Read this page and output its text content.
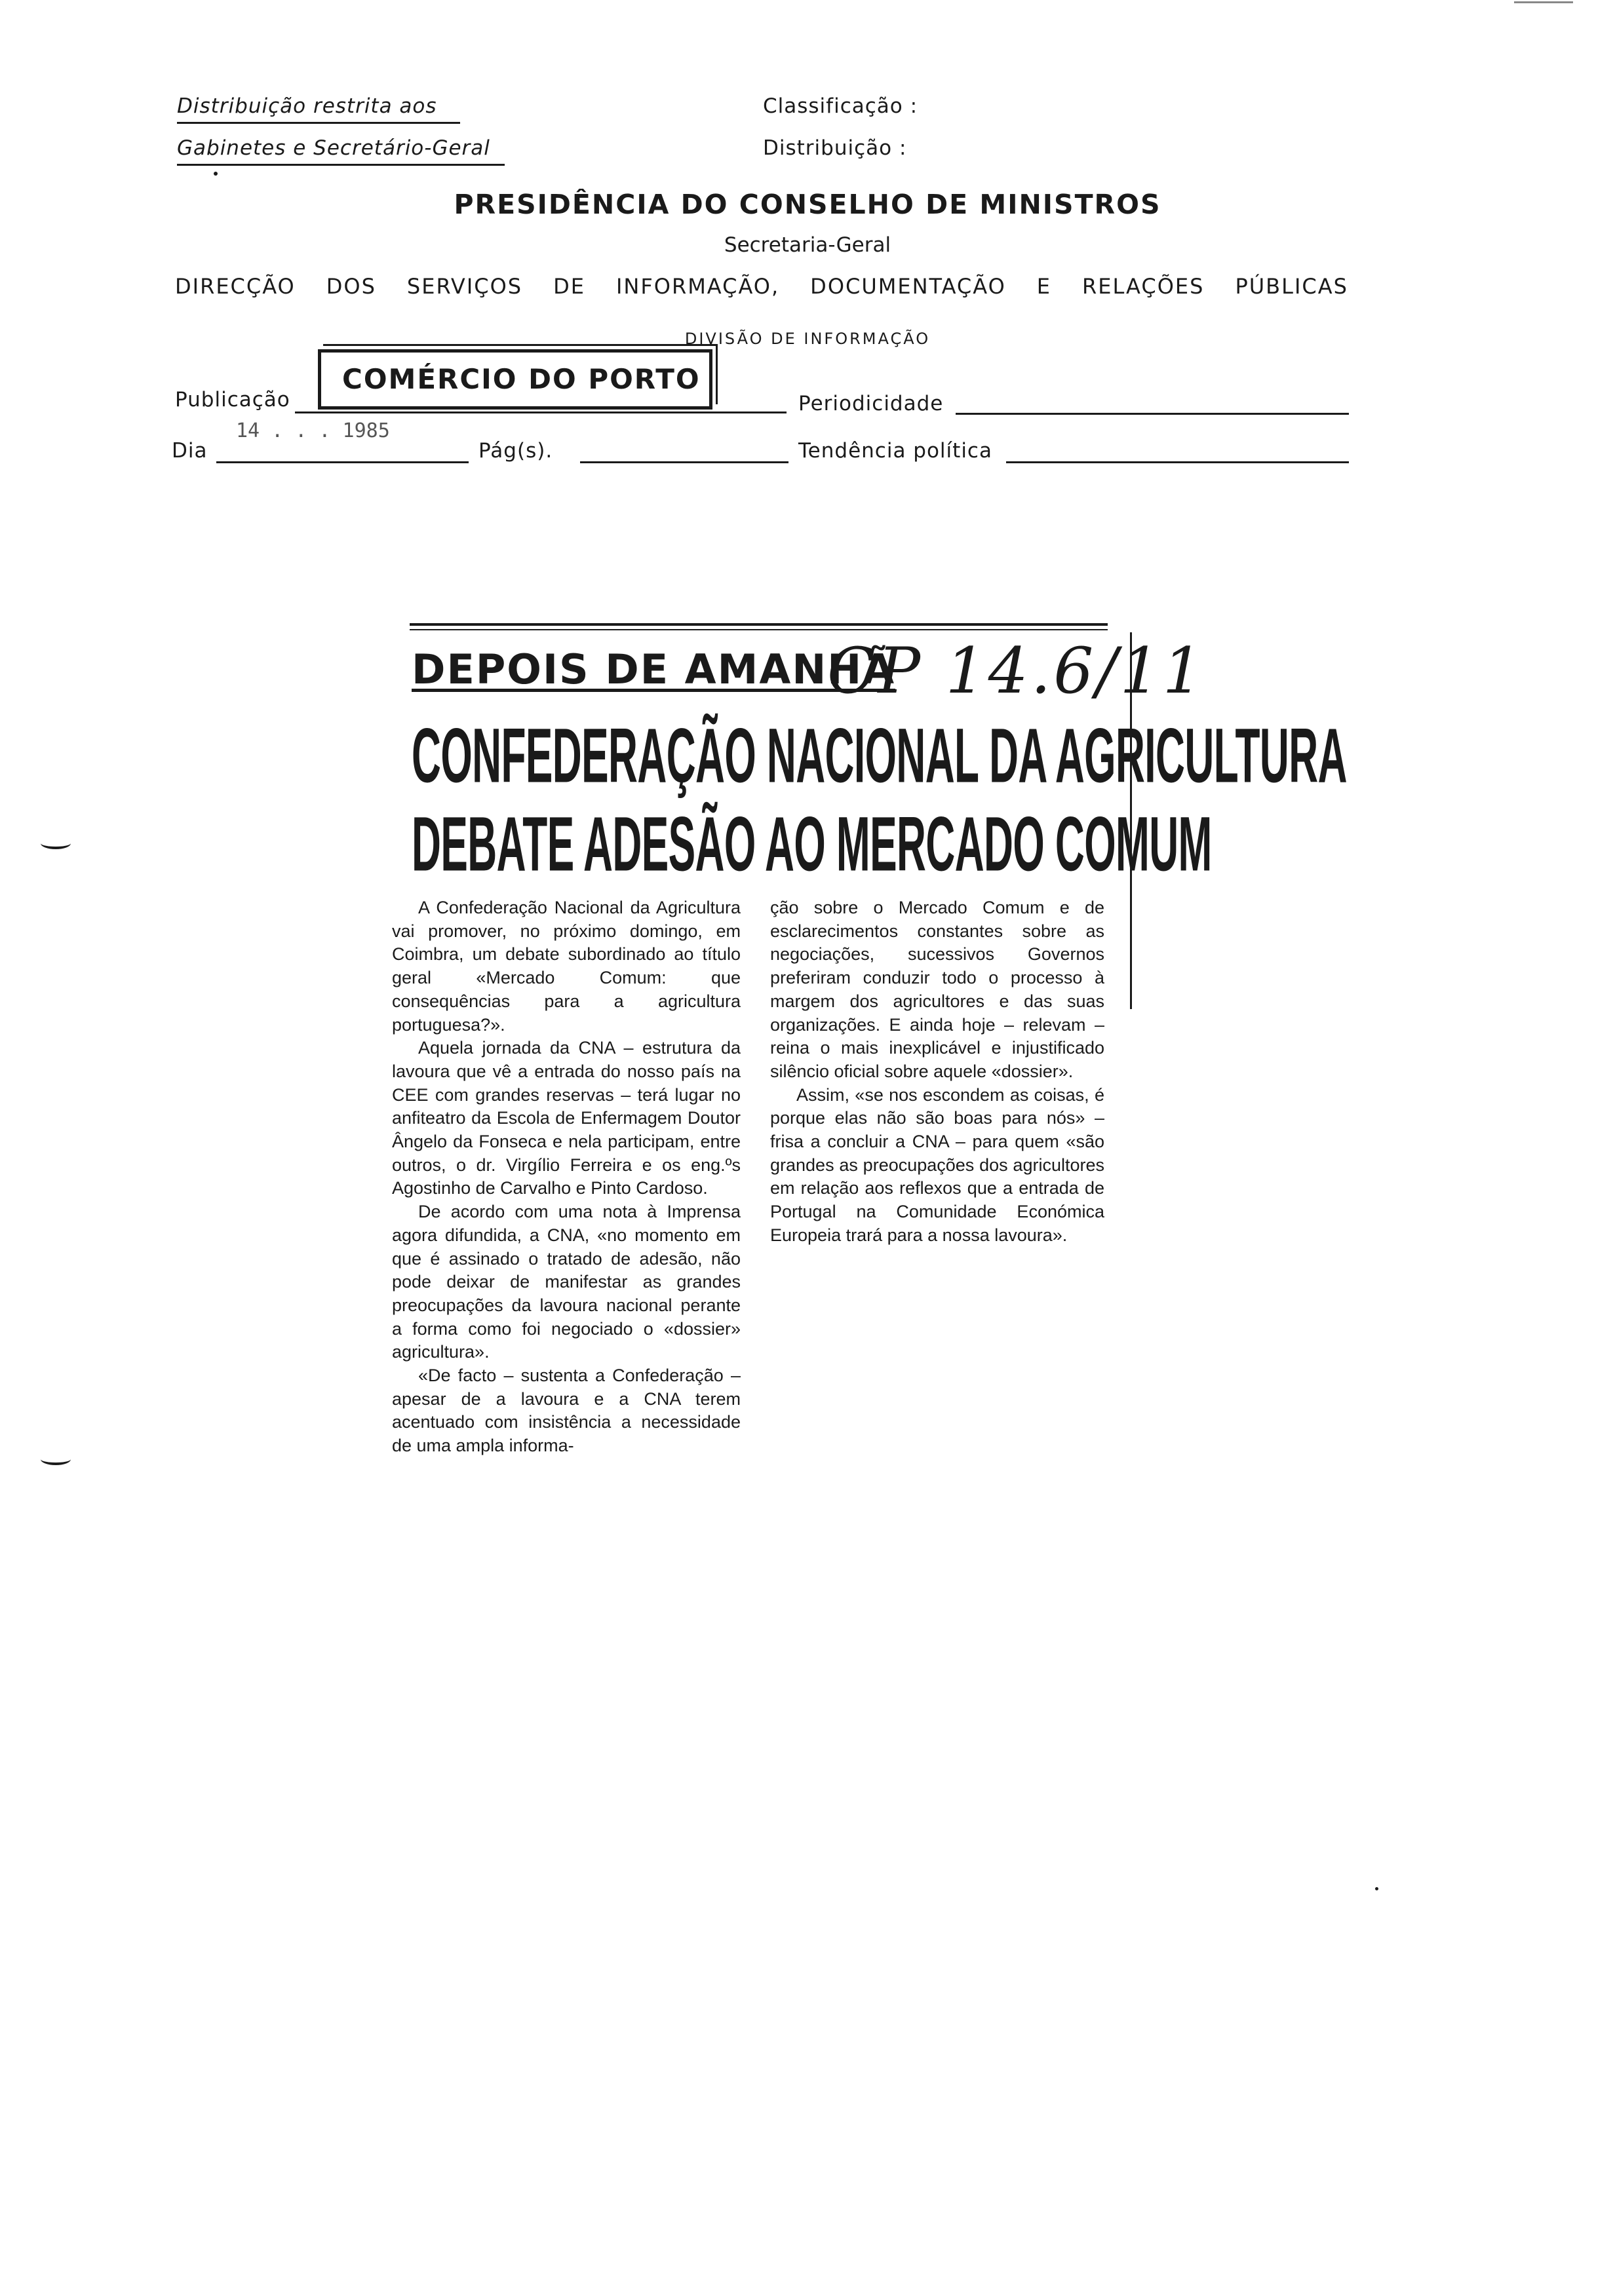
Distribuição restrita aos
Gabinetes e Secretário-Geral
Classificação :
Distribuição :
PRESIDÊNCIA DO CONSELHO DE MINISTROS
Secretaria-Geral
DIRECÇÃO DOS SERVIÇOS DE INFORMAÇÃO, DOCUMENTAÇÃO E RELAÇÕES PÚBLICAS
DIVISÃO DE INFORMAÇÃO
Publicação
COMÉRCIO DO PORTO
Periodicidade
Dia
14 . . . 1985
Pág(s).	Tendência política
DEPOIS DE AMANHÃ
CP 14.6/11
CONFEDERAÇÃO NACIONAL DA AGRICULTURA
DEBATE ADESÃO AO MERCADO COMUM

A Confederação Nacional da Agricultura vai promover, no próximo domingo, em Coimbra, um debate subordinado ao título geral «Mercado Comum: que consequências para a agricultura portuguesa?».

Aquela jornada da CNA – estrutura da lavoura que vê a entrada do nosso país na CEE com grandes reservas – terá lugar no anfiteatro da Escola de Enfermagem Doutor Ângelo da Fonseca e nela participam, entre outros, o dr. Virgílio Ferreira e os eng.ºs Agostinho de Carvalho e Pinto Cardoso.

De acordo com uma nota à Imprensa agora difundida, a CNA, «no momento em que é assinado o tratado de adesão, não pode deixar de manifestar as grandes preocupações da lavoura nacional perante a forma como foi negociado o «dossier» agricultura».

«De facto – sustenta a Confederação – apesar de a lavoura e a CNA terem acentuado com insistência a necessidade de uma ampla informa-

ção sobre o Mercado Comum e de esclarecimentos constantes sobre as negociações, sucessivos Governos preferiram conduzir todo o processo à margem dos agricultores e das suas organizações. E ainda hoje – relevam – reina o mais inexplicável e injustificado silêncio oficial sobre aquele «dossier».

Assim, «se nos escondem as coisas, é porque elas não são boas para nós» – frisa a concluir a CNA – para quem «são grandes as preocupações dos agricultores em relação aos reflexos que a entrada de Portugal na Comunidade Económica Europeia trará para a nossa lavoura».
